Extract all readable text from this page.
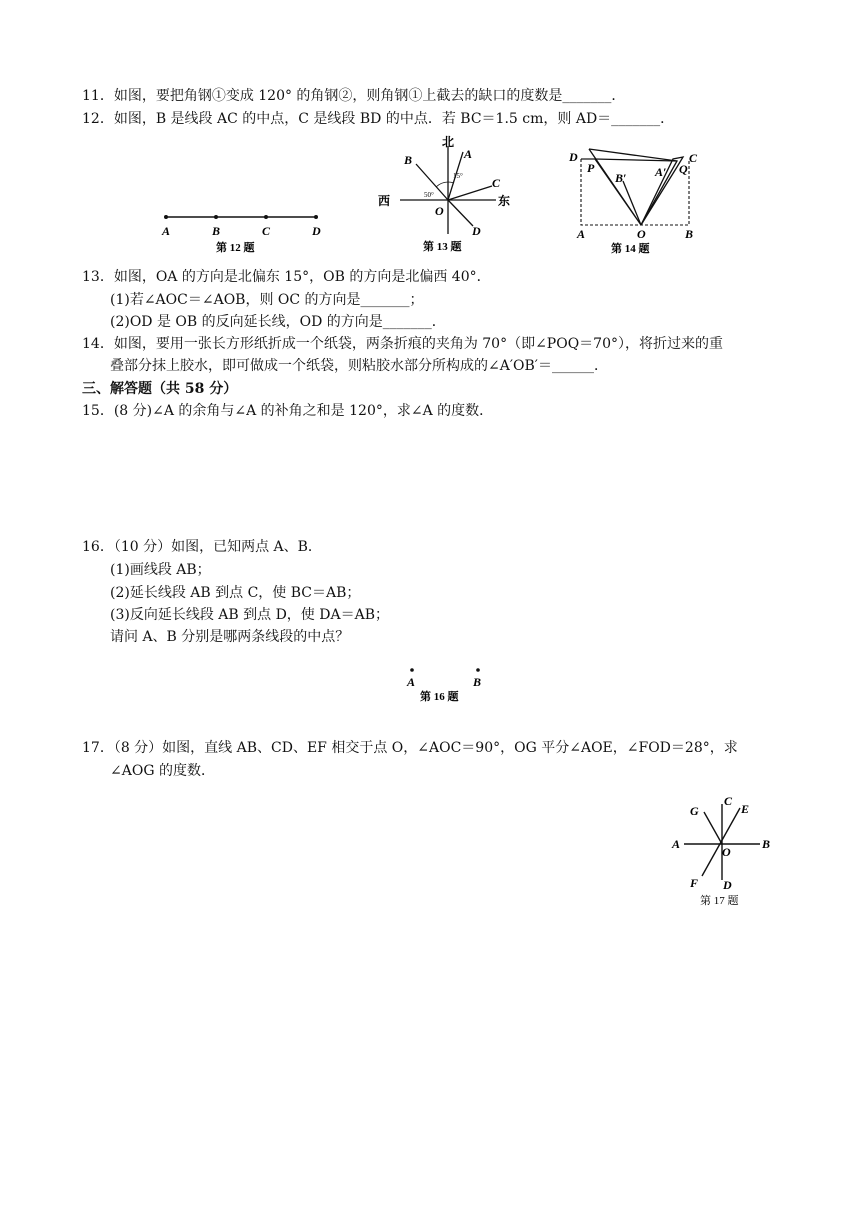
11．如图，要把角钢①变成 120° 的角钢②，则角钢①上截去的缺口的度数是_______．
12．如图，B 是线段 AC 的中点，C 是线段 BD 的中点．若 BC＝1.5 cm，则 AD＝_______．
A	B	C	D
第 12 题
北
西	东
A
B
C
D
O
15°
50°
第 13 题
D
P
B′ A′ Q
C
A	O	B
第 14 题
13．如图，OA 的方向是北偏东 15°，OB 的方向是北偏西 40°．
(1)若∠AOC＝∠AOB，则 OC 的方向是_______；
(2)OD 是 OB 的反向延长线，OD 的方向是_______．
14．如图，要用一张长方形纸折成一个纸袋，两条折痕的夹角为 70°（即∠POQ＝70°），将折过来的重
叠部分抹上胶水，即可做成一个纸袋，则粘胶水部分所构成的∠A′OB′＝______．
三、解答题（共 58 分）
15．(8 分)∠A 的余角与∠A 的补角之和是 120°，求∠A 的度数．
16．（10 分）如图，已知两点 A、B．
(1)画线段 AB；
(2)延长线段 AB 到点 C，使 BC＝AB；
(3)反向延长线段 AB 到点 D，使 DA＝AB；
请问 A、B 分别是哪两条线段的中点？
A	B
第 16 题
17．（8 分）如图，直线 AB、CD、EF 相交于点 O，∠AOC＝90°，OG 平分∠AOE，∠FOD＝28°，求
∠AOG 的度数．
G
C
E
A
O
B
F D
第 17 题
